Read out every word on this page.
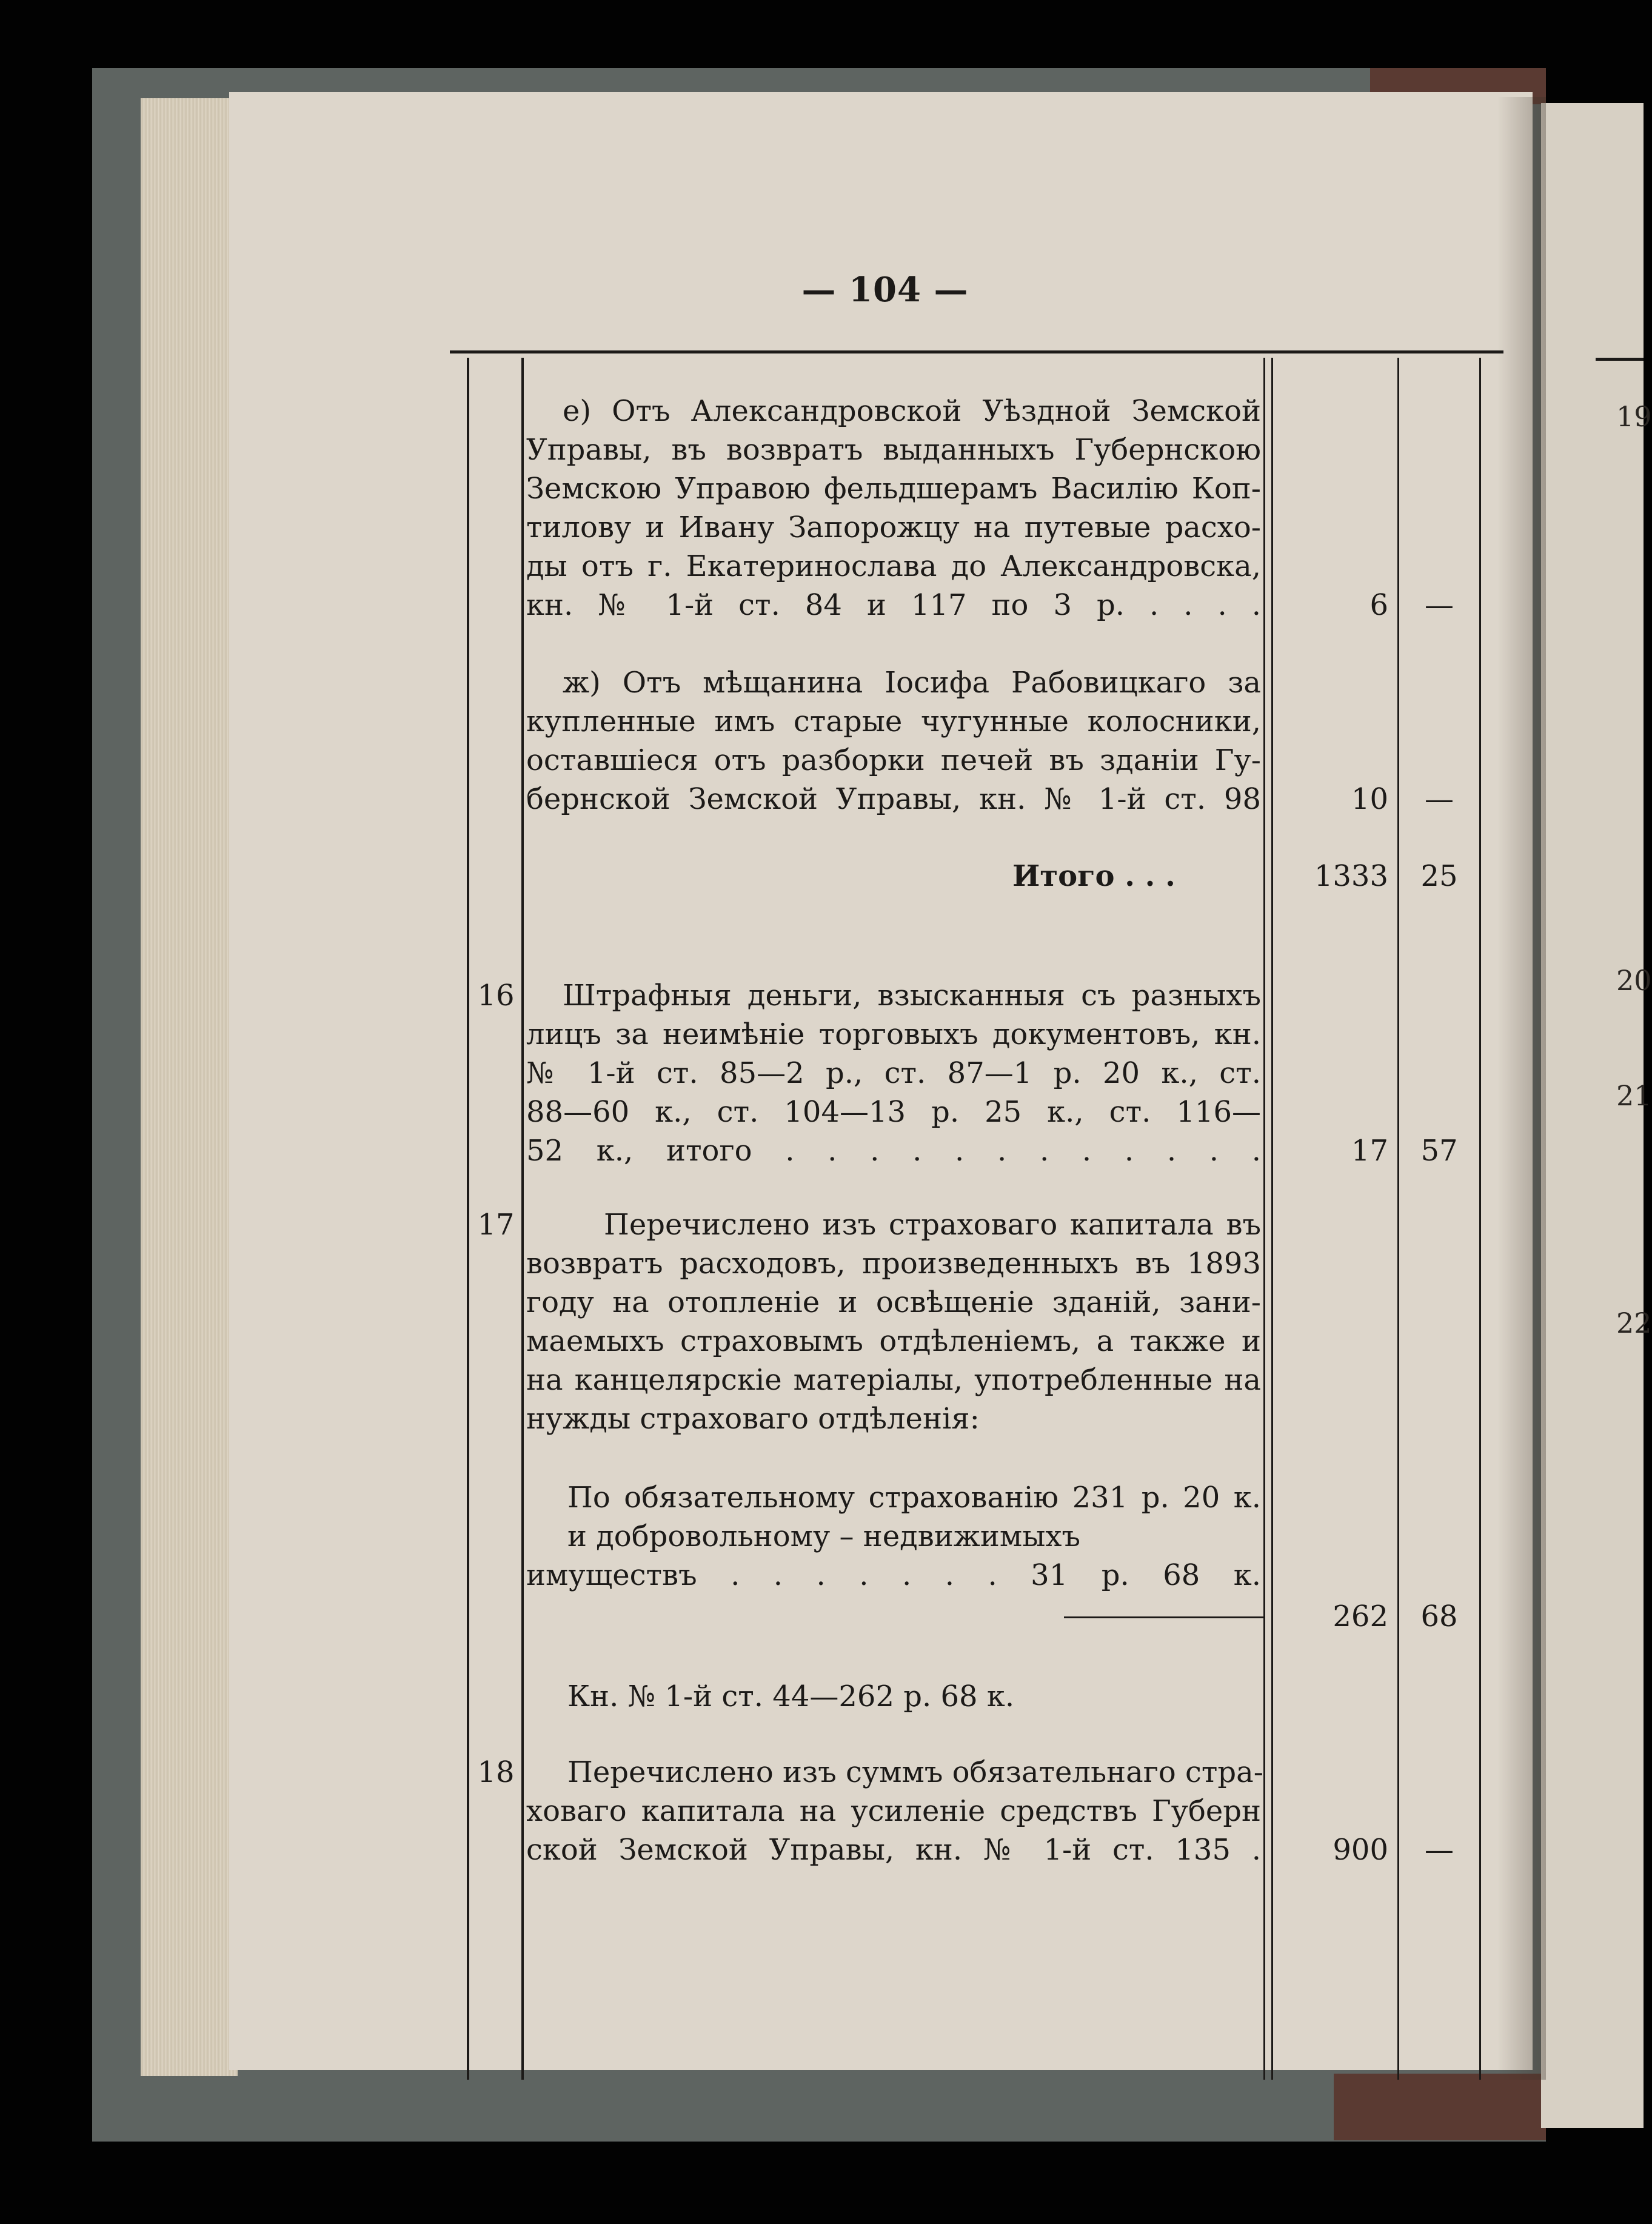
19
20
21
22
— 104 —
е) Отъ Александровской Уѣздной Земской
Управы, въ возвратъ выданныхъ Губернскою
Земскою Управою фельдшерамъ Василію Коп-
тилову и Ивану Запорожцу на путевые расхо-
ды отъ г. Екатеринослава до Александровска,
кн. № 1-й ст. 84 и 117 по 3 р. . . . .	6	—
ж) Отъ мѣщанина Іосифа Рабовицкаго за
купленные имъ старые чугунные колосники,
оставшіеся отъ разборки печей въ зданіи Гу-
бернской Земской Управы, кн. № 1-й ст. 98	10	—
Итого . . .	1333	25
16	Штрафныя деньги, взысканныя съ разныхъ
лицъ за неимѣніе торговыхъ документовъ, кн.
№ 1-й ст. 85—2 р., ст. 87—1 р. 20 к., ст.
88—60 к., ст. 104—13 р. 25 к., ст. 116—
52 к., итого . . . . . . . . . . . .	17	57
17	Перечислено изъ страховаго капитала въ
возвратъ расходовъ, произведенныхъ въ 1893
году на отопленіе и освѣщеніе зданій, зани-
маемыхъ страховымъ отдѣленіемъ, а также и
на канцелярскіе матеріалы, употребленные на
нужды страховаго отдѣленія:
По обязательному страхованію 231 р. 20 к.
и добровольному – недвижимыхъ
имуществъ . . . . . . . 31 р. 68 к.
262	68
Кн. № 1-й ст. 44—262 р. 68 к.
18	Перечислено изъ суммъ обязательнаго стра-
ховаго капитала на усиленіе средствъ Губерн
ской Земской Управы, кн. № 1-й ст. 135 .	900	—
